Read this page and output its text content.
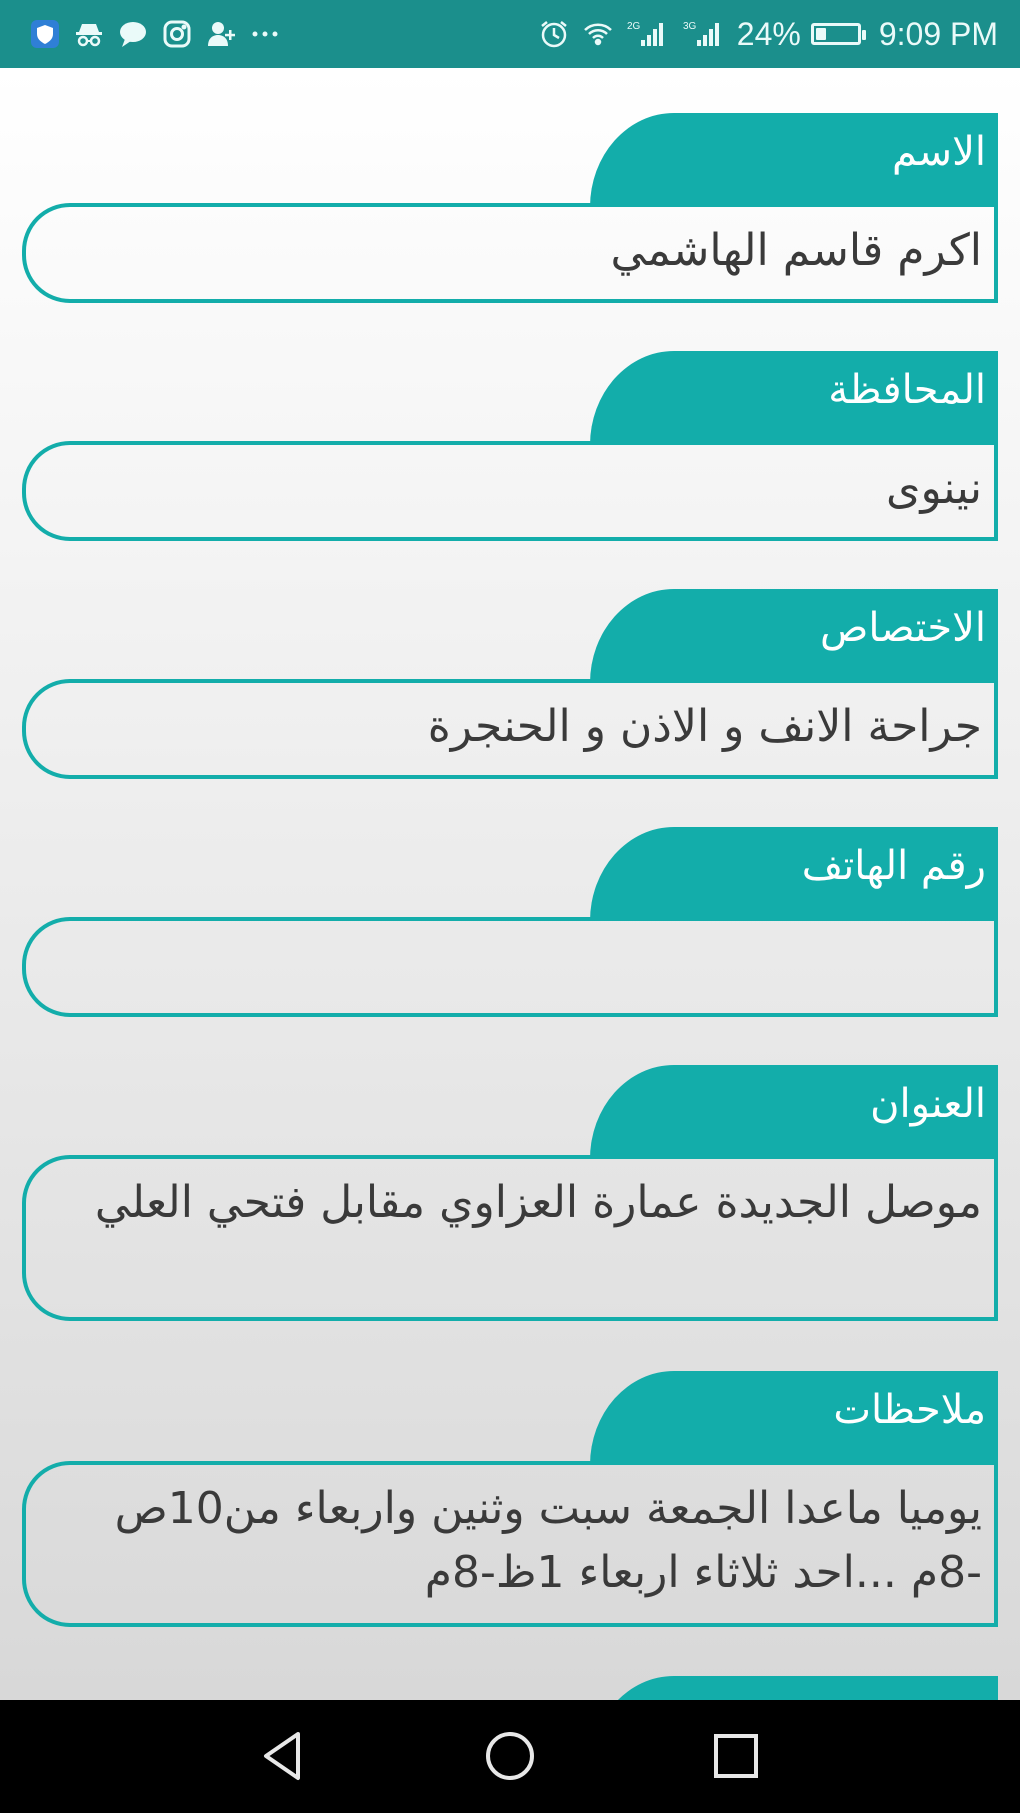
2G	3G 24% 9:09 PM
الاسم
اكرم قاسم الهاشمي
المحافظة
نينوى
الاختصاص
جراحة الانف و الاذن و الحنجرة
رقم الهاتف
العنوان
موصل الجديدة عمارة العزاوي مقابل فتحي العلي
ملاحظات
يوميا ماعدا الجمعة سبت وثنين واربعاء من10ص -8م ...احد ثلاثاء اربعاء 1ظ-8م
